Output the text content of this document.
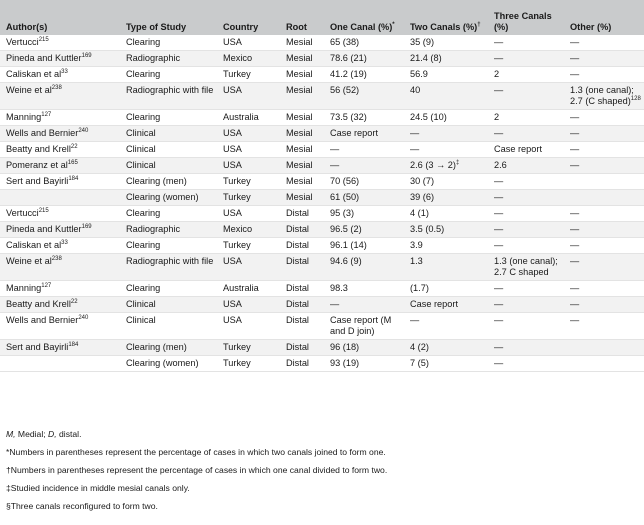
Author(s)	Type of Study	Country	Root	One Canal (%)*	Two Canals (%)†	Three Canals (%)	Other (%)
Vertucci$^{215}$	Clearing	USA	Mesial	65 (38)	35 (9)	—	—
Pineda and Kuttler$^{169}$	Radiographic	Mexico	Mesial	78.6 (21)	21.4 (8)	—	—
Caliskan et $al^{33}$	Clearing	Turkey	Mesial	41.2 (19)	56.9	2	—
Weine et $al^{238}$	Radiographic with file	USA	Mesial	56 (52)	40	—	1.3 (one canal); 2.7 (C shaped)$^{128}$
Manning$^{127}$	Clearing	Australia	Mesial	73.5 (32)	24.5 (10)	2	—
Wells and Bernier$^{240}$	Clinical	USA	Mesial	Case report	—	—	—
Beatty and Krell$^{22}$	Clinical	USA	Mesial	—	—	Case report	—
Pomeranz et $al^{165}$	Clinical	USA	Mesial	—	2.6 (3 → 2)‡	2.6	—
Sert and Bayirli$^{184}$	Clearing (men)	Turkey	Mesial	70 (56)	30 (7)	—	
	Clearing (women)	Turkey	Mesial	61 (50)	39 (6)	—	
Vertucci$^{215}$	Clearing	USA	Distal	95 (3)	4 (1)	—	—
Pineda and Kuttler$^{169}$	Radiographic	Mexico	Distal	96.5 (2)	3.5 (0.5)	—	—
Caliskan et $al^{33}$	Clearing	Turkey	Distal	96.1 (14)	3.9	—	—
Weine et $al^{238}$	Radiographic with file	USA	Distal	94.6 (9)	1.3	1.3 (one canal); 2.7 C shaped	—
Manning$^{127}$	Clearing	Australia	Distal	98.3	(1.7)	—	—
Beatty and Krell$^{22}$	Clinical	USA	Distal	—	Case report	—	—
Wells and Bernier$^{240}$	Clinical	USA	Distal	Case report (M and D join)	—	—	—
Sert and Bayirli$^{184}$	Clearing (men)	Turkey	Distal	96 (18)	4 (2)	—	
	Clearing (women)	Turkey	Distal	93 (19)	7 (5)	—	
M, Medial; D, distal.
*Numbers in parentheses represent the percentage of cases in which two canals joined to form one.
†Numbers in parentheses represent the percentage of cases in which one canal divided to form two.
‡Studied incidence in middle mesial canals only.
§Three canals reconfigured to form two.
